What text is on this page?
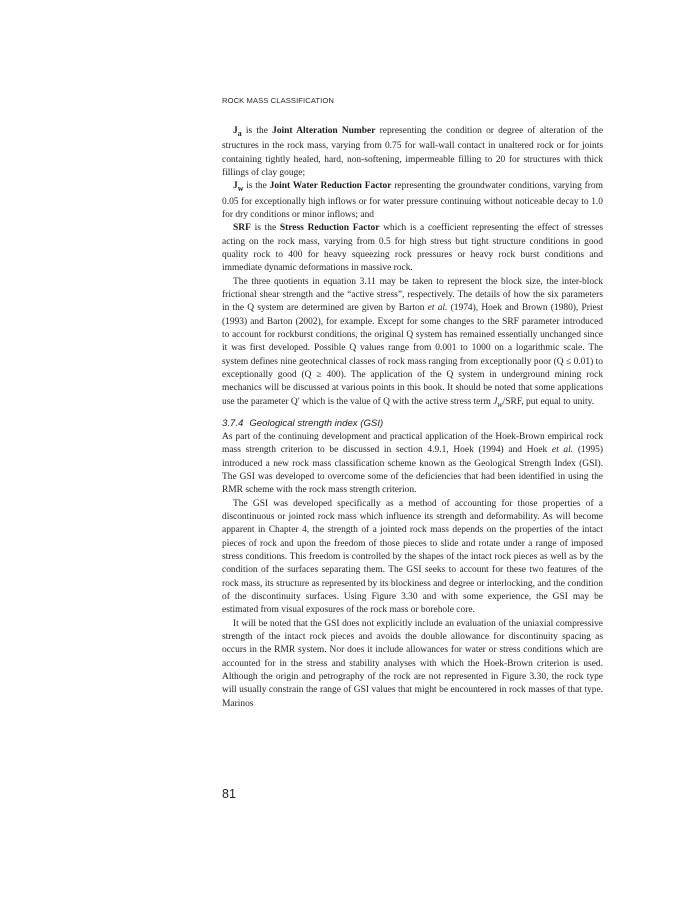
ROCK MASS CLASSIFICATION

$J_a$ is the Joint Alteration Number representing the condition or degree of alteration of the structures in the rock mass, varying from 0.75 for wall-wall contact in unaltered rock or for joints containing tightly healed, hard, non-softening, impermeable filling to 20 for structures with thick fillings of clay gouge;

$J_w$ is the Joint Water Reduction Factor representing the groundwater conditions, varying from 0.05 for exceptionally high inflows or for water pressure continuing without noticeable decay to 1.0 for dry conditions or minor inflows; and

SRF is the Stress Reduction Factor which is a coefficient representing the effect of stresses acting on the rock mass, varying from 0.5 for high stress but tight structure conditions in good quality rock to 400 for heavy squeezing rock pressures or heavy rock burst conditions and immediate dynamic deformations in massive rock.

The three quotients in equation 3.11 may be taken to represent the block size, the inter-block frictional shear strength and the “active stress”, respectively. The details of how the six parameters in the Q system are determined are given by Barton et al. (1974), Hoek and Brown (1980), Priest (1993) and Barton (2002), for example. Except for some changes to the SRF parameter introduced to account for rockburst conditions, the original Q system has remained essentially unchanged since it was first developed. Possible Q values range from 0.001 to 1000 on a logarithmic scale. The system defines nine geotechnical classes of rock mass ranging from exceptionally poor (Q ≤ 0.01) to exceptionally good (Q ≥ 400). The application of the Q system in underground mining rock mechanics will be discussed at various points in this book. It should be noted that some applications use the parameter Q′ which is the value of Q with the active stress term $J_w$/SRF, put equal to unity.

3.7.4 Geological strength index (GSI)

As part of the continuing development and practical application of the Hoek-Brown empirical rock mass strength criterion to be discussed in section 4.9.1, Hoek (1994) and Hoek et al. (1995) introduced a new rock mass classification scheme known as the Geological Strength Index (GSI). The GSI was developed to overcome some of the deficiencies that had been identified in using the RMR scheme with the rock mass strength criterion.

The GSI was developed specifically as a method of accounting for those properties of a discontinuous or jointed rock mass which influence its strength and deformability. As will become apparent in Chapter 4, the strength of a jointed rock mass depends on the properties of the intact pieces of rock and upon the freedom of those pieces to slide and rotate under a range of imposed stress conditions. This freedom is controlled by the shapes of the intact rock pieces as well as by the condition of the surfaces separating them. The GSI seeks to account for these two features of the rock mass, its structure as represented by its blockiness and degree or interlocking, and the condition of the discontinuity surfaces. Using Figure 3.30 and with some experience, the GSI may be estimated from visual exposures of the rock mass or borehole core.

It will be noted that the GSI does not explicitly include an evaluation of the uniaxial compressive strength of the intact rock pieces and avoids the double allowance for discontinuity spacing as occurs in the RMR system. Nor does it include allowances for water or stress conditions which are accounted for in the stress and stability analyses with which the Hoek-Brown criterion is used. Although the origin and petrography of the rock are not represented in Figure 3.30, the rock type will usually constrain the range of GSI values that might be encountered in rock masses of that type. Marinos

81
